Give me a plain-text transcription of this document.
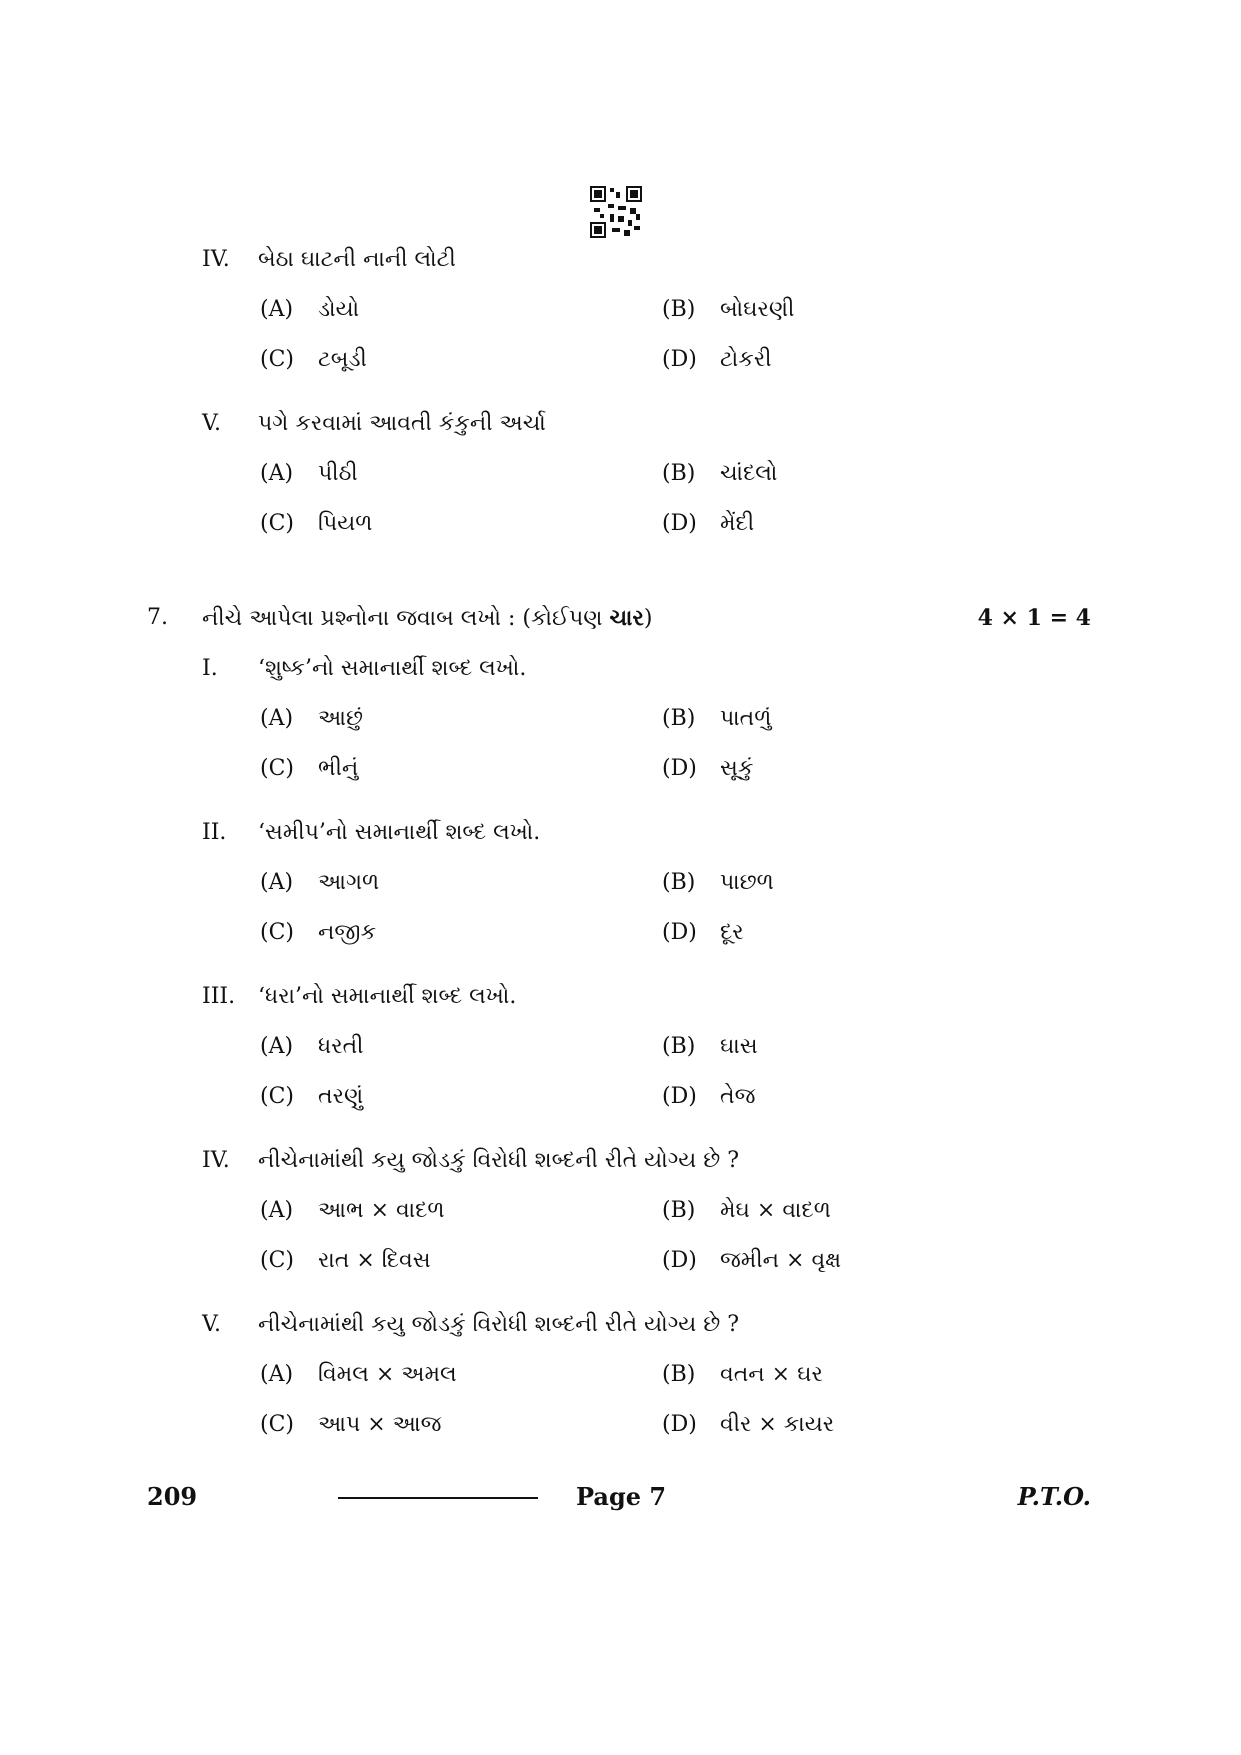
IV. બેઠા ઘાટની નાની લોટી
(A) ડોયો	(B) બોઘરણી
(C) ટબૂડી	(D) ટોકરી
V. પગે કરવામાં આવતી કંકુની અર્ચા
(A) પીઠી	(B) ચાંદલો
(C) પિયળ	(D) મેંદી
7. નીચે આપેલા પ્રશ્નોના જવાબ લખો : (કોઈપણ ચાર)	4 × 1 = 4
I. ‘શુષ્ક’નો સમાનાર્થી શબ્દ લખો.
(A) આછું	(B) પાતળું
(C) ભીનું	(D) સૂકું
II. ‘સમીપ’નો સમાનાર્થી શબ્દ લખો.
(A) આગળ	(B) પાછળ
(C) નજીક	(D) દૂર
III. ‘ધરા’નો સમાનાર્થી શબ્દ લખો.
(A) ધરતી	(B) ઘાસ
(C) તરણું	(D) તેજ
IV. નીચેનામાંથી કયુ જોડકું વિરોધી શબ્દની રીતે યોગ્ય છે ?
(A) આભ × વાદળ	(B) મેઘ × વાદળ
(C) રાત × દિવસ	(D) જમીન × વૃક્ષ
V. નીચેનામાંથી કયુ જોડકું વિરોધી શબ્દની રીતે યોગ્ય છે ?
(A) વિમલ × અમલ	(B) વતન × ઘર
(C) આપ × આજ	(D) વીર × કાયર
209	Page 7	P.T.O.
